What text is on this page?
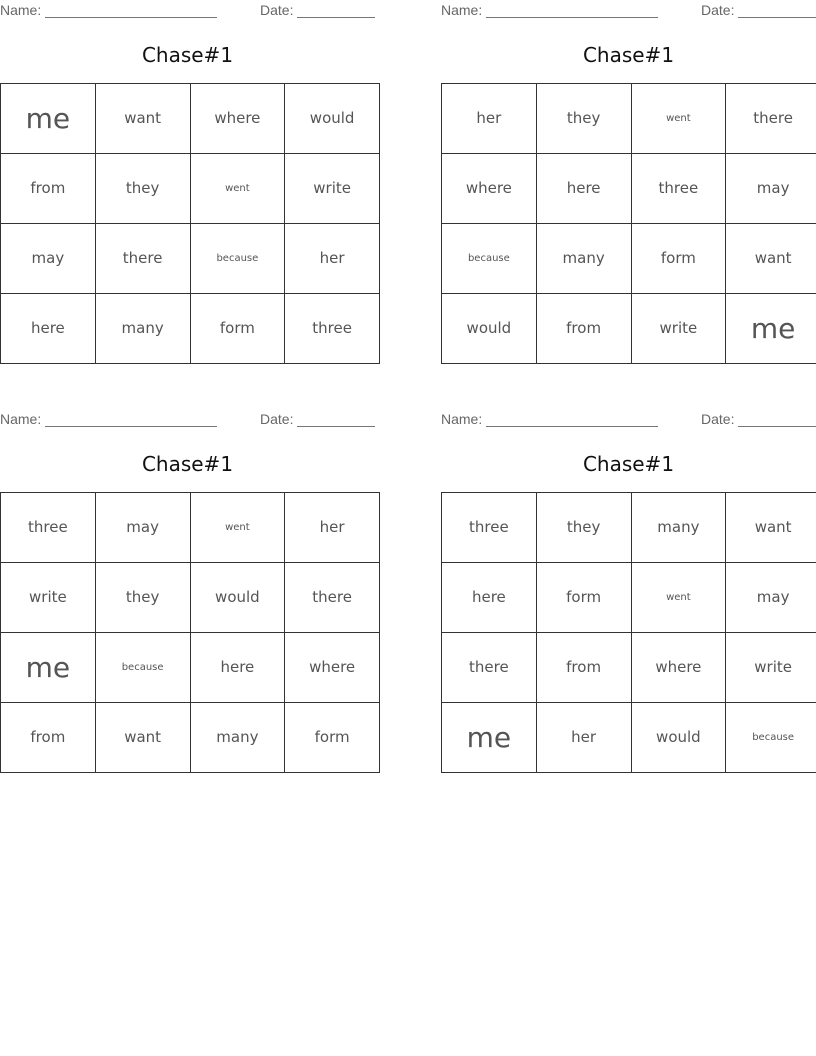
Name:	Date:
Chase#1
me	want	where	would
from	they	went	write
may	there	because	her
here	many	form	three
Name:	Date:
Chase#1
her	they	went	there
where	here	three	may
because	many	form	want
would	from	write	me
Name:	Date:
Chase#1
three	may	went	her
write	they	would	there
me	because	here	where
from	want	many	form
Name:	Date:
Chase#1
three	they	many	want
here	form	went	may
there	from	where	write
me	her	would	because
